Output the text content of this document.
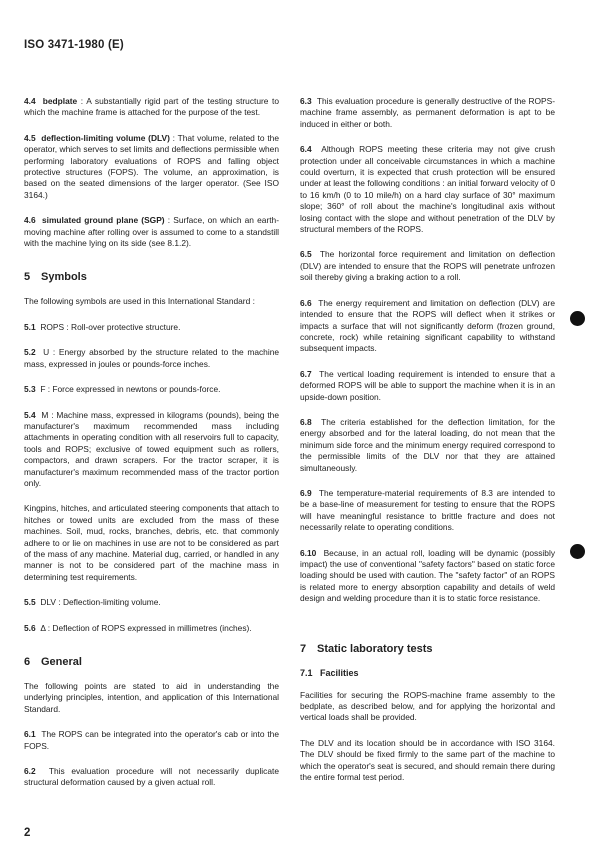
ISO 3471-1980 (E)

4.4 bedplate : A substantially rigid part of the testing structure to which the machine frame is attached for the purpose of the test.

4.5 deflection-limiting volume (DLV) : That volume, related to the operator, which serves to set limits and deflections permissible when performing laboratory evaluations of ROPS and falling object protective structures (FOPS). The volume, an approximation, is based on the seated dimensions of the larger operator. (See ISO 3164.)

4.6 simulated ground plane (SGP) : Surface, on which an earth-moving machine after rolling over is assumed to come to a standstill with the machine lying on its side (see 8.1.2).

5 Symbols

The following symbols are used in this International Standard :

5.1 ROPS : Roll-over protective structure.

5.2 U : Energy absorbed by the structure related to the machine mass, expressed in joules or pounds-force inches.

5.3 F : Force expressed in newtons or pounds-force.

5.4 M : Machine mass, expressed in kilograms (pounds), being the manufacturer's maximum recommended mass including attachments in operating condition with all reservoirs full to capacity, tools and ROPS; exclusive of towed equipment such as rollers, compactors, and drawn scrapers. For the tractor scraper, it is manufacturer's maximum recommended mass of the tractor portion only.

Kingpins, hitches, and articulated steering components that attach to hitches or towed units are excluded from the mass of these machines. Soil, mud, rocks, branches, debris, etc. that commonly adhere to or lie on machines in use are not to be considered as part of the mass of any machine. Material dug, carried, or handled in any manner is not to be considered part of the machine mass in determining test requirements.

5.5 DLV : Deflection-limiting volume.

5.6 Δ : Deflection of ROPS expressed in millimetres (inches).

6 General

The following points are stated to aid in understanding the underlying principles, intention, and application of this International Standard.

6.1 The ROPS can be integrated into the operator's cab or into the FOPS.

6.2 This evaluation procedure will not necessarily duplicate structural deformation caused by a given actual roll.

6.3 This evaluation procedure is generally destructive of the ROPS-machine frame assembly, as permanent deformation is apt to be induced in either or both.

6.4 Although ROPS meeting these criteria may not give crush protection under all conceivable circumstances in which a machine could overturn, it is expected that crush protection will be ensured under at least the following conditions : an initial forward velocity of 0 to 16 km/h (0 to 10 mile/h) on a hard clay surface of 30° maximum slope; 360° of roll about the machine's longitudinal axis without losing contact with the slope and without penetration of the DLV by structural members of the ROPS.

6.5 The horizontal force requirement and limitation on deflection (DLV) are intended to ensure that the ROPS will penetrate unfrozen soil thereby giving a braking action to a roll.

6.6 The energy requirement and limitation on deflection (DLV) are intended to ensure that the ROPS will deflect when it strikes or impacts a surface that will not significantly deform (frozen ground, concrete, rock) while retaining significant capability to withstand subsequent impacts.

6.7 The vertical loading requirement is intended to ensure that a deformed ROPS will be able to support the machine when it is in an upside-down position.

6.8 The criteria established for the deflection limitation, for the energy absorbed and for the lateral loading, do not mean that the minimum side force and the minimum energy required correspond to the permissible limits of the DLV nor that they are attained simultaneously.

6.9 The temperature-material requirements of 8.3 are intended to be a base-line of measurement for testing to ensure that the ROPS will have meaningful resistance to brittle fracture and does not necessarily relate to operating conditions.

6.10 Because, in an actual roll, loading will be dynamic (possibly impact) the use of conventional "safety factors" based on static force loading should be used with caution. The "safety factor" of an ROPS is related more to energy absorption capability and details of weld design and welding procedure than it is to static force resistance.

7 Static laboratory tests
7.1 Facilities

Facilities for securing the ROPS-machine frame assembly to the bedplate, as described below, and for applying the horizontal and vertical loads shall be provided.

The DLV and its location should be in accordance with ISO 3164. The DLV should be fixed firmly to the same part of the machine to which the operator's seat is secured, and should remain there during the entire formal test period.

2
